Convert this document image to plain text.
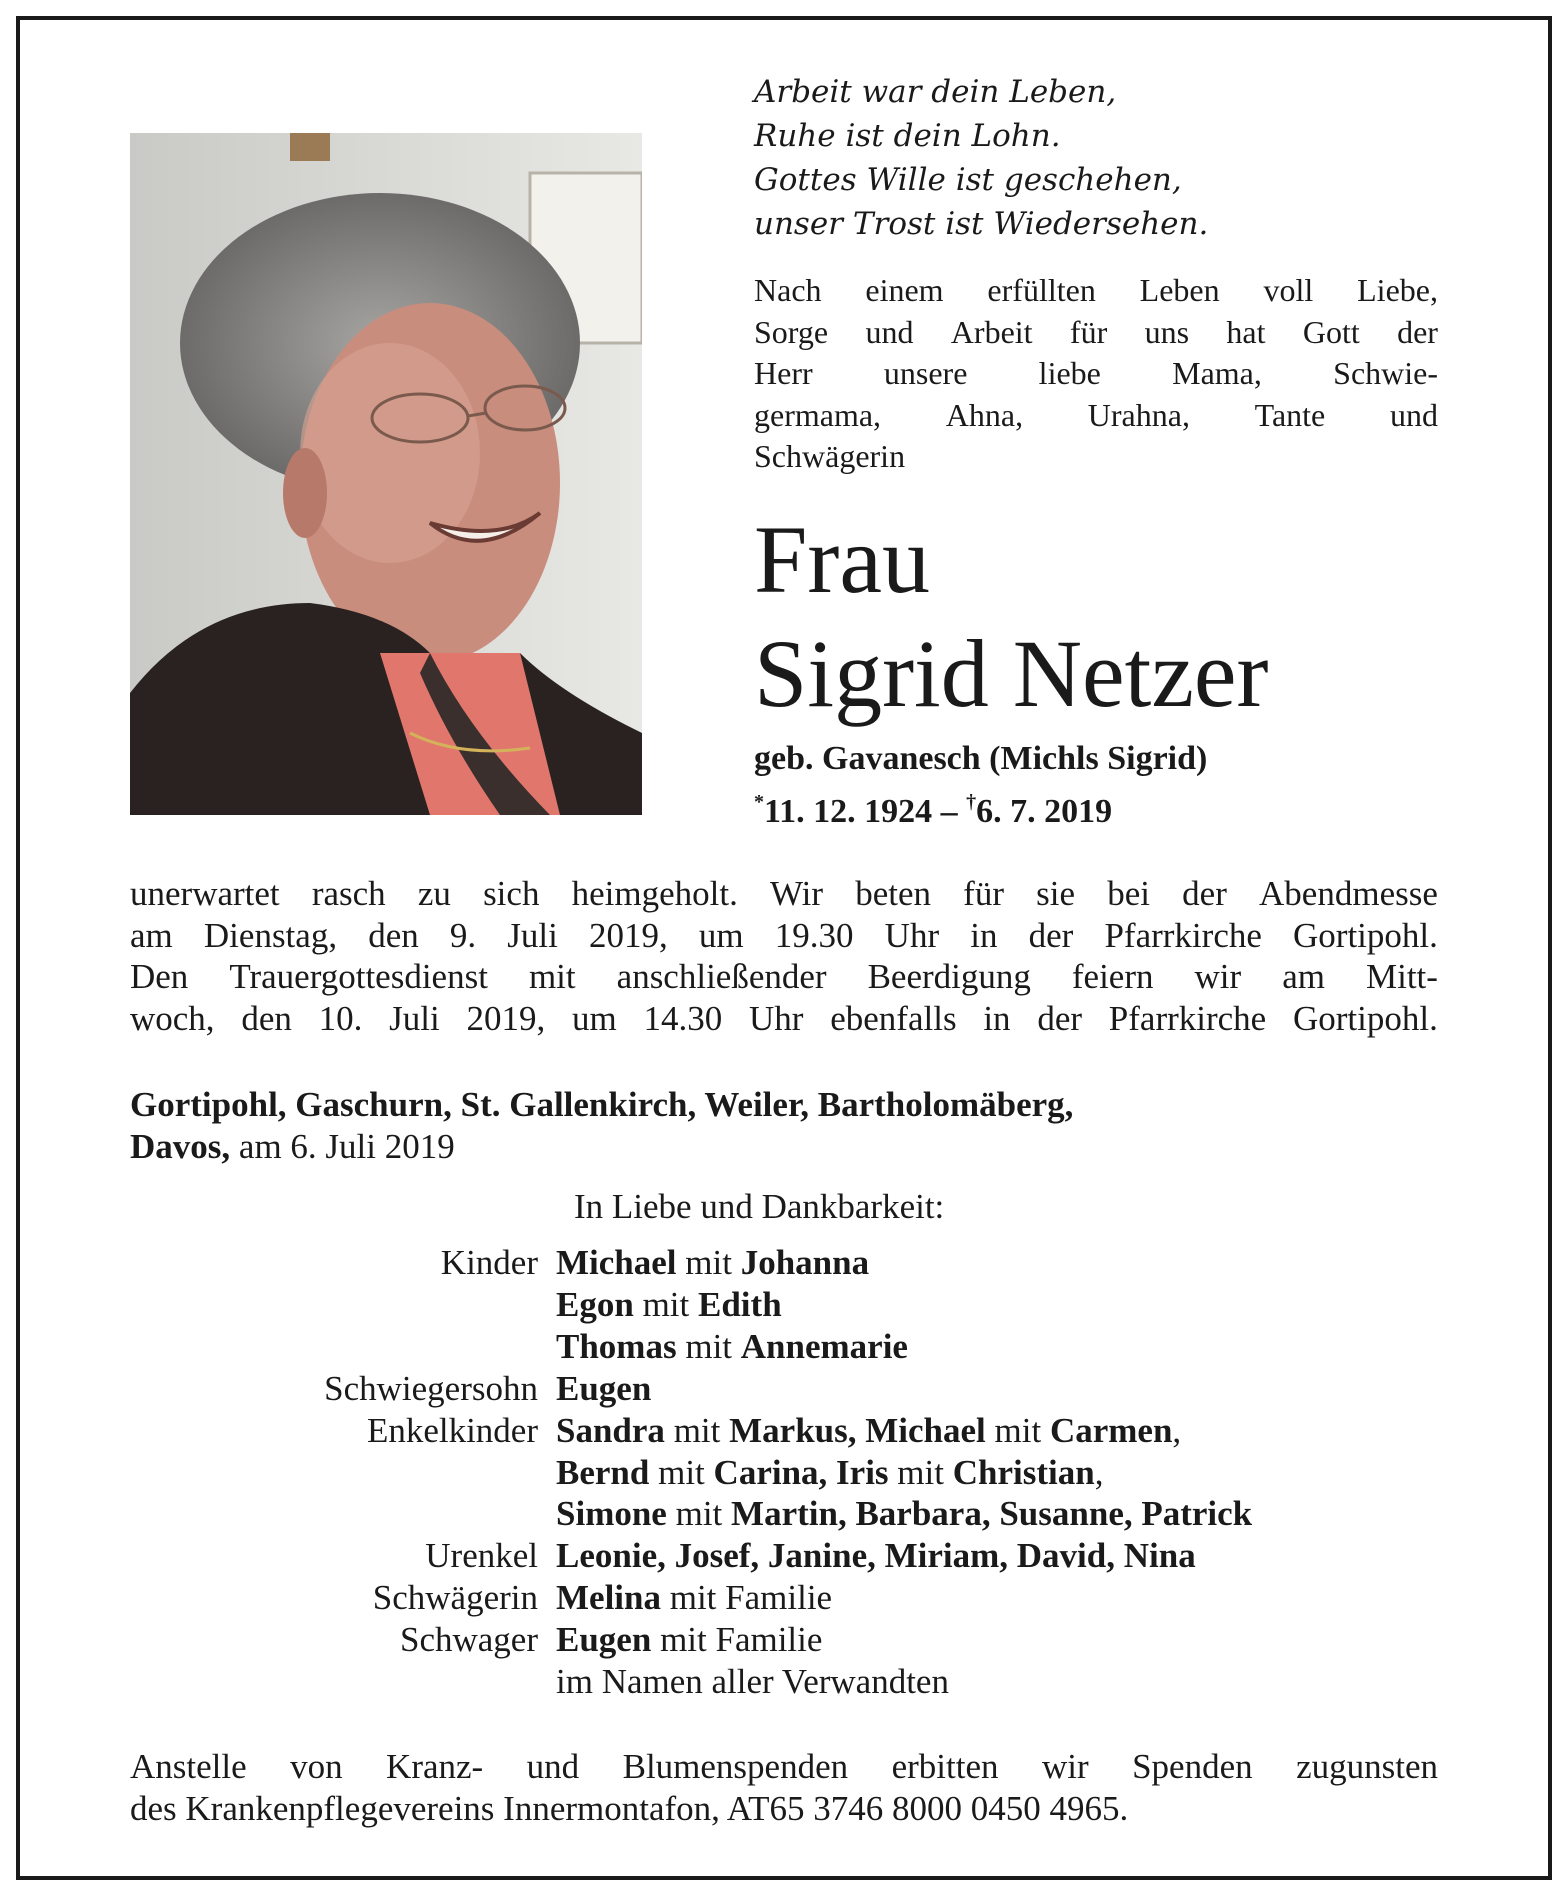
Arbeit war dein Leben,
Ruhe ist dein Lohn.
Gottes Wille ist geschehen,
unser Trost ist Wiedersehen.
Nach einem erfüllten Leben voll Liebe,
Sorge und Arbeit für uns hat Gott der
Herr unsere liebe Mama, Schwie-
germama, Ahna, Urahna, Tante und
Schwägerin
Frau
Sigrid Netzer
geb. Gavanesch (Michls Sigrid)
*11. 12. 1924 – †6. 7. 2019
unerwartet rasch zu sich heimgeholt. Wir beten für sie bei der Abendmesse
am Dienstag, den 9. Juli 2019, um 19.30 Uhr in der Pfarrkirche Gortipohl.
Den Trauergottesdienst mit anschließender Beerdigung feiern wir am Mitt-
woch, den 10. Juli 2019, um 14.30 Uhr ebenfalls in der Pfarrkirche Gortipohl.
Gortipohl, Gaschurn, St. Gallenkirch, Weiler, Bartholomäberg,
Davos, am 6. Juli 2019
In Liebe und Dankbarkeit:
Kinder Michael mit Johanna
Egon mit Edith
Thomas mit Annemarie
Schwiegersohn Eugen
Enkelkinder Sandra mit Markus, Michael mit Carmen,
Bernd mit Carina, Iris mit Christian,
Simone mit Martin, Barbara, Susanne, Patrick
Urenkel Leonie, Josef, Janine, Miriam, David, Nina
Schwägerin Melina mit Familie
Schwager Eugen mit Familie
im Namen aller Verwandten
Anstelle von Kranz- und Blumenspenden erbitten wir Spenden zugunsten
des Krankenpflegevereins Innermontafon, AT65 3746 8000 0450 4965.
